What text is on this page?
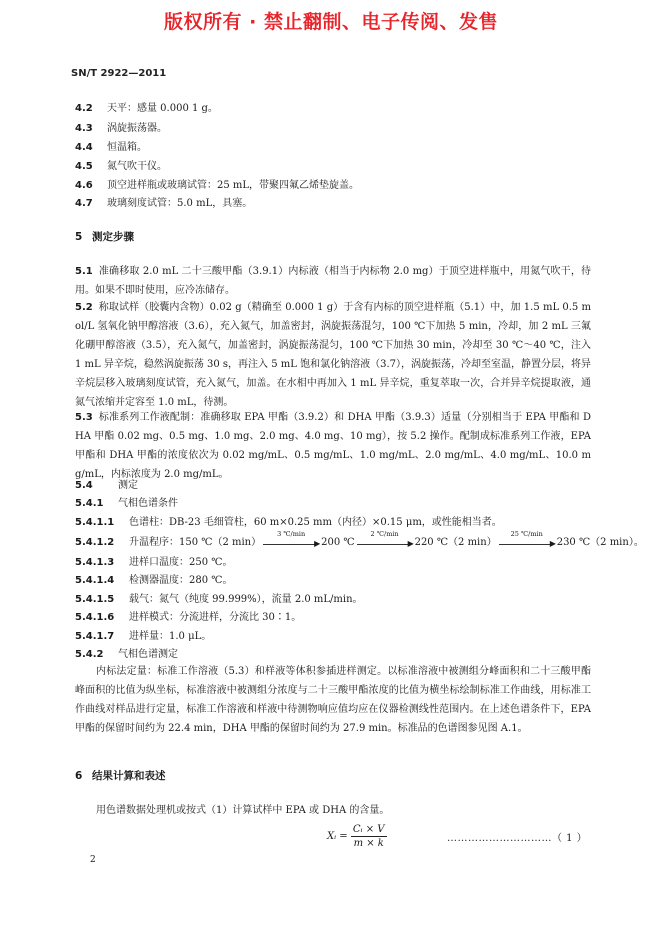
版权所有 · 禁止翻制、电子传阅、发售
SN/T 2922—2011
4.2 天平：感量 0.000 1 g。
4.3 涡旋振荡器。
4.4 恒温箱。
4.5 氮气吹干仪。
4.6 顶空进样瓶或玻璃试管：25 mL，带聚四氟乙烯垫旋盖。
4.7 玻璃刻度试管：5.0 mL，具塞。
5 测定步骤
5.1 准确移取 2.0 mL 二十三酸甲酯（3.9.1）内标液（相当于内标物 2.0 mg）于顶空进样瓶中，用氮气吹干，待用。如果不即时使用，应冷冻储存。
5.2 称取试样（胶囊内含物）0.02 g（精确至 0.000 1 g）于含有内标的顶空进样瓶（5.1）中，加 1.5 mL 0.5 mol/L 氢氧化钠甲醇溶液（3.6），充入氮气，加盖密封，涡旋振荡混匀，100 ℃下加热 5 min，冷却，加 2 mL 三氟化硼甲醇溶液（3.5），充入氮气，加盖密封，涡旋振荡混匀，100 ℃下加热 30 min，冷却至 30 ℃～40 ℃，注入 1 mL 异辛烷，稳然涡旋振荡 30 s，再注入 5 mL 饱和氯化钠溶液（3.7），涡旋振荡，冷却至室温，静置分层，将异辛烷层移入玻璃刻度试管，充入氮气，加盖。在水相中再加入 1 mL 异辛烷，重复萃取一次，合并异辛烷提取液，通氮气浓缩并定容至 1.0 mL，待测。
5.3 标准系列工作液配制：准确移取 EPA 甲酯（3.9.2）和 DHA 甲酯（3.9.3）适量（分别相当于 EPA 甲酯和 DHA 甲酯 0.02 mg、0.5 mg、1.0 mg、2.0 mg、4.0 mg、10 mg），按 5.2 操作。配制成标准系列工作液，EPA 甲酯和 DHA 甲酯的浓度依次为 0.02 mg/mL、0.5 mg/mL、1.0 mg/mL、2.0 mg/mL、4.0 mg/mL、10.0 mg/mL，内标浓度为 2.0 mg/mL。
5.4	测定
5.4.1 气相色谱条件
5.4.1.1 色谱柱：DB-23 毛细管柱，60 m×0.25 mm（内径）×0.15 μm，或性能相当者。
5.4.1.2 升温程序：150 ℃（2 min）
3 ℃/min
▶ 200 ℃
2 ℃/min
▶ 220 ℃（2 min）
25 ℃/min
▶ 230 ℃（2 min）。
5.4.1.3 进样口温度：250 ℃。
5.4.1.4 检测器温度：280 ℃。
5.4.1.5 载气：氮气（纯度 99.999%），流量 2.0 mL/min。
5.4.1.6 进样模式：分流进样，分流比 30∶1。
5.4.1.7 进样量：1.0 μL。
5.4.2 气相色谱测定
内标法定量：标准工作溶液（5.3）和样液等体积参插进样测定。以标准溶液中被测组分峰面积和二十三酸甲酯峰面积的比值为纵坐标，标准溶液中被测组分浓度与二十三酸甲酯浓度的比值为横坐标绘制标准工作曲线，用标准工作曲线对样品进行定量，标准工作溶液和样液中待测物响应值均应在仪器检测线性范围内。在上述色谱条件下，EPA 甲酯的保留时间约为 22.4 min，DHA 甲酯的保留时间约为 27.9 min。标准品的色谱图参见图 A.1。
6 结果计算和表述
用色谱数据处理机或按式（1）计算试样中 EPA 或 DHA 的含量。
Xᵢ = $\frac{\text{Cᵢ × V}}{m \times k}$	…………………………（ 1 ）
2
